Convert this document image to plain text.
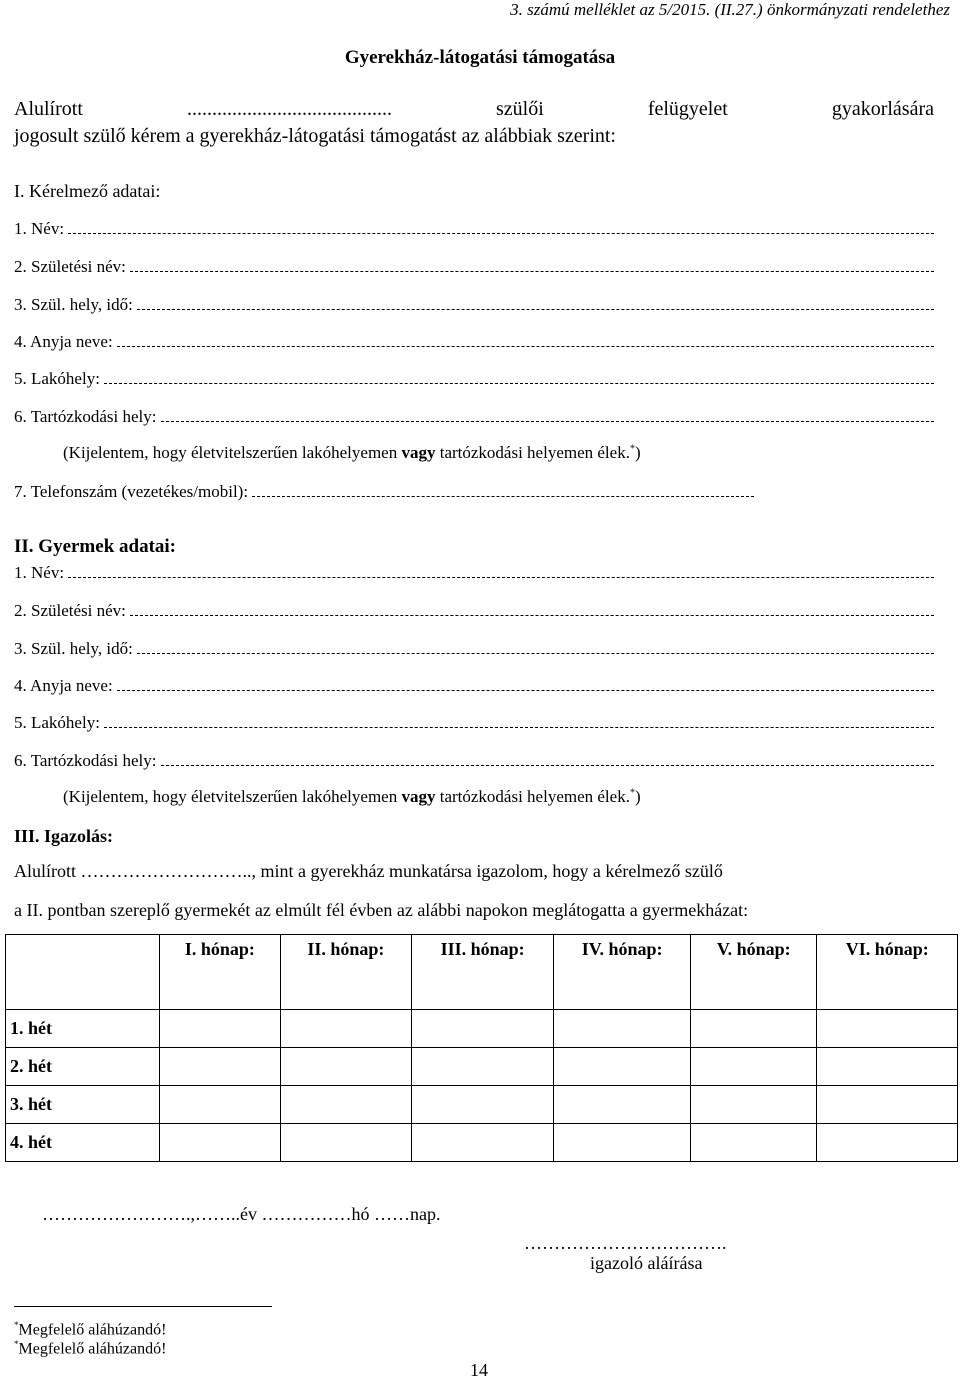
3. számú melléklet az 5/2015. (II.27.) önkormányzati rendelethez
Gyerekház-látogatási támogatása
Alulírott ......................................... szülői felügyelet gyakorlására
jogosult szülő kérem a gyerekház-látogatási támogatást az alábbiak szerint:
I. Kérelmező adatai:
1. Név:
2. Születési név:
3. Szül. hely, idő:
4. Anyja neve:
5. Lakóhely:
6. Tartózkodási hely:
(Kijelentem, hogy életvitelszerűen lakóhelyemen vagy tartózkodási helyemen élek.*)
7. Telefonszám (vezetékes/mobil):
II. Gyermek adatai:
1. Név:
2. Születési név:
3. Szül. hely, idő:
4. Anyja neve:
5. Lakóhely:
6. Tartózkodási hely:
(Kijelentem, hogy életvitelszerűen lakóhelyemen vagy tartózkodási helyemen élek.*)
III. Igazolás:
Alulírott ……………………….., mint a gyerekház munkatársa igazolom, hogy a kérelmező szülő
a II. pontban szereplő gyermekét az elmúlt fél évben az alábbi napokon meglátogatta a gyermekházat:
	I. hónap:	II. hónap:	III. hónap:	IV. hónap:	V. hónap:	VI. hónap:
1. hét						
2. hét						
3. hét						
4. hét						
…………………….,……..év ……………hó ……nap.
…………………………….
igazoló aláírása
*Megfelelő aláhúzandó!
*Megfelelő aláhúzandó!
14
